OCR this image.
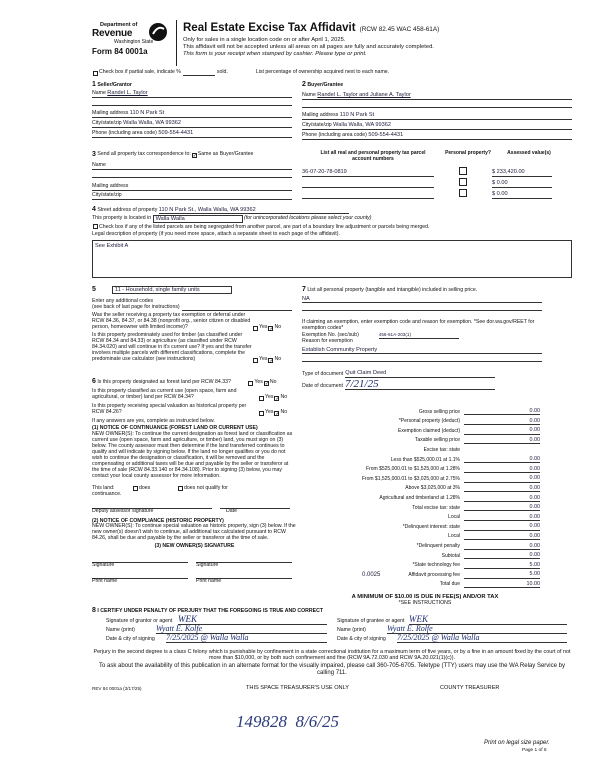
Department of
Revenue
Washington State
Form 84 0001a
Real Estate Excise Tax Affidavit (RCW 82.45 WAC 458-61A)
Only for sales in a single location code on or after April 1, 2025.
This affidavit will not be accepted unless all areas on all pages are fully and accurately completed.
This form is your receipt when stamped by cashier. Please type or print.
Check box if partial sale, indicate %	sold.	List percentage of ownership acquired next to each name.
1 Seller/Grantor
Name Randel L. Taylor
Mailing address 110 N Park St
City/state/zip Walla Walla, WA 99362
Phone (including area code) 509-554-4431
2 Buyer/Grantee
Name Randel L. Taylor and Juliane A. Taylor
Mailing address 110 N Park St
City/state/zip Walla Walla, WA 99362
Phone (including area code) 509-554-4431
3
Send all property tax correspondence to: ✓ Same as Buyer/Grantee
Name
Mailing address
City/state/zip
List all real and personal property tax parcel account numbers
Personal property?	Assessed value(s)
36-07-20-78-0819	$ 233,420.00
$ 0.00
$ 0.00
4
Street address of property
110 N Park St., Walla Walla, WA 99362
This property is located in
Walla Walla
	(for unincorporated locations please select your county)
Check box if any of the listed parcels are being segregated from another parcel, are part of a boundary line adjustment or parcels being merged.
Legal description of property (if you need more space, attach a separate sheet to each page of the affidavit).
See Exhibit A
5	11 - Household, single family units
Enter any additional codes
(see back of last page for instructions)
Was the seller receiving a property tax exemption or deferral under RCW 84.36, 84.37, or 84.38 (nonprofit org., senior citizen or disabled person, homeowner with limited income)?	Yes ✓ No
Is this property predominately used for timber (as classified under RCW 84.34 and 84.33) or agriculture (as classified under RCW 84.34.020) and will continue in it's current use? If yes and the transfer involves multiple parcels with different classifications, complete the predominate use calculator (see instructions)	Yes ✓ No
6
Is this property designated as forest land per RCW 84.33?	Yes ✓ No
Is this property classified as current use (open space, farm and agricultural, or timber) land per RCW 84.34?	Yes ✓ No
Is this property receiving special valuation as historical property per RCW 84.26?	Yes ✓ No
If any answers are yes, complete as instructed below.
(1) NOTICE OF CONTINUANCE (FOREST LAND OR CURRENT USE)
NEW OWNER(S): To continue the current designation as forest land or classification as current use (open space, farm and agriculture, or timber) land, you must sign on (3) below. The county assessor must then determine if the land transferred continues to qualify and will indicate by signing below. If the land no longer qualifies or you do not wish to continue the designation or classification, it will be removed and the compensating or additional taxes will be due and payable by the seller or transferor at the time of sale (RCW 84.33.140 or 84.34.108). Prior to signing (3) below, you may contact your local county assessor for more information.
This land:	does	does not qualify for
continuance.
Deputy assessor signature	Date
(2) NOTICE OF COMPLIANCE (HISTORIC PROPERTY)
NEW OWNER(S): To continue special valuation as historic property, sign (3) below. If the new owner(s) doesn't wish to continue, all additional tax calculated pursuant to RCW 84.26, shall be due and payable by the seller or transferor at the time of sale.
(3) NEW OWNER(S) SIGNATURE
Signature	Signature
Print name	Print name
7 List all personal property (tangible and intangible) included in selling price.
NA
If claiming an exemption, enter exemption code and reason for exemption. *See dor.wa.gov/REET for exemption codes*
Exemption No. (sec/sub)	458-61A-203(1)
Reason for exemption
Establish Community Property
Type of document Quit Claim Deed
Date of document 7/21/25
Gross selling price	0.00
*Personal property (deduct)	0.00
Exemption claimed (deduct)	0.00
Taxable selling price	0.00
Excise tax: state
Less than $525,000.01 at 1.1%	0.00
From $525,000.01 to $1,525,000 at 1.28%	0.00
From $1,525,000.01 to $3,025,000 at 2.75%	0.00
Above $3,025,000 at 3%	0.00
Agricultural and timberland at 1.28%	0.00
Total excise tax: state	0.00
Local	0.00
*Delinquent interest: state	0.00
Local	0.00
*Delinquent penalty	0.00
Subtotal	0.00
*State technology fee	5.00
Affidavit processing fee	5.00
Total due	10.00
0.0025
A MINIMUM OF $10.00 IS DUE IN FEE(S) AND/OR TAX
*SEE INSTRUCTIONS
8
I CERTIFY UNDER PENALTY OF PERJURY THAT THE FOREGOING IS TRUE AND CORRECT
Signature of grantor or agent WEK
Name (print)	Wyatt E. Kolfe
Date & city of signing	7/25/2025 @ Walla Walla
Signature of grantee or agent WEK
Name (print)	Wyatt E. Rolfe
Date & city of signing	7/25/2025 @ Walla Walla
Perjury in the second degree is a class C felony which is punishable by confinement in a state correctional institution for a maximum term of five years, or by a fine in an amount fixed by the court of not more than $10,000, or by both such confinement and fine (RCW 9A.72.030 and RCW 9A.20.021(1)(c)).
To ask about the availability of this publication in an alternate format for the visually impaired, please call 360-705-6705. Teletype (TTY) users may use the WA Relay Service by calling 711.
REV 84 0001a (3/17/25)	THIS SPACE TREASURER'S USE ONLY	COUNTY TREASURER
149828  8/6/25
Print on legal size paper.
Page 1 of 6
